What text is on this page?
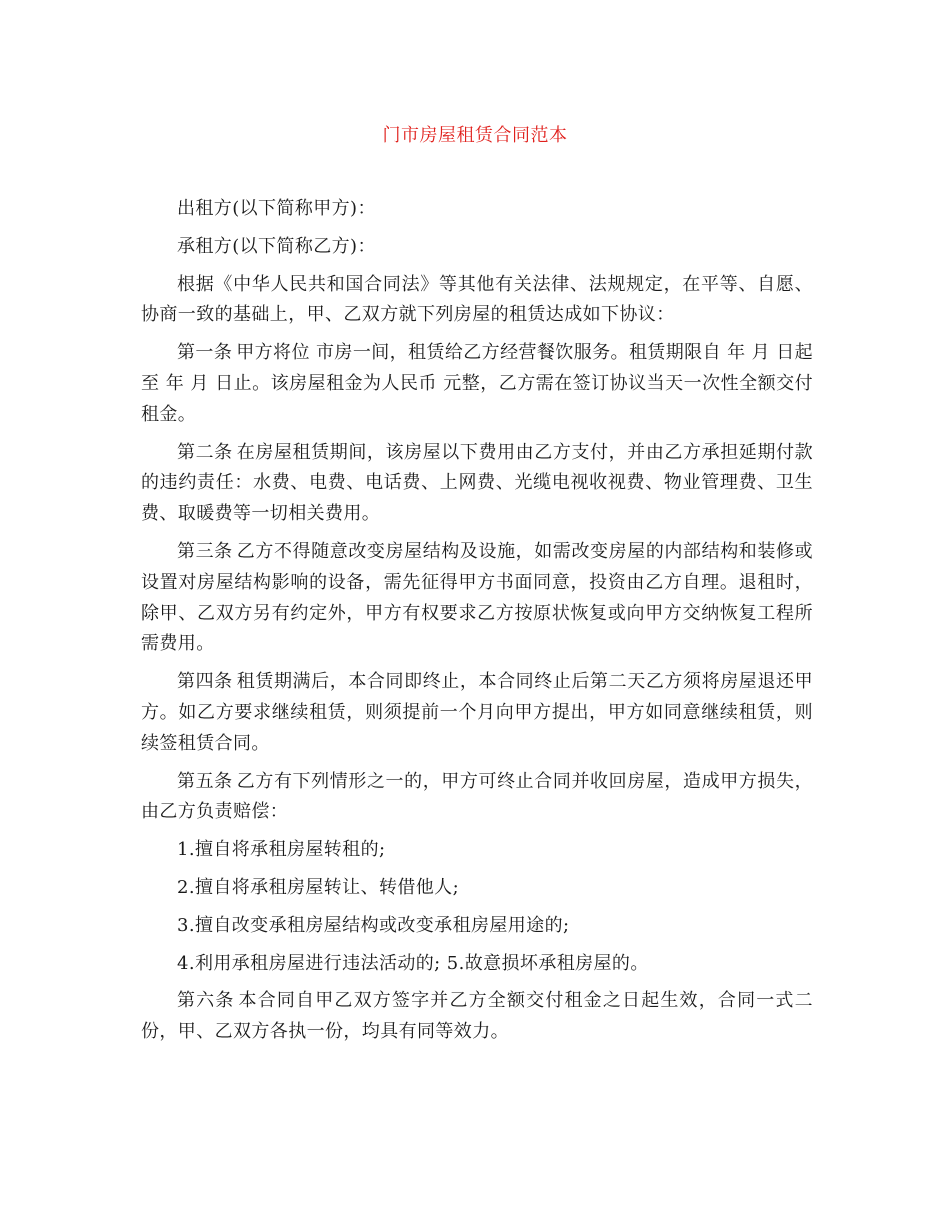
门市房屋租赁合同范本

出租方(以下简称甲方)：

承租方(以下简称乙方)：

根据《中华人民共和国合同法》等其他有关法律、法规规定，在平等、自愿、协商一致的基础上，甲、乙双方就下列房屋的租赁达成如下协议：

第一条 甲方将位 市房一间，租赁给乙方经营餐饮服务。租赁期限自 年 月 日起至 年 月 日止。该房屋租金为人民币 元整，乙方需在签订协议当天一次性全额交付租金。

第二条 在房屋租赁期间，该房屋以下费用由乙方支付，并由乙方承担延期付款的违约责任：水费、电费、电话费、上网费、光缆电视收视费、物业管理费、卫生费、取暖费等一切相关费用。

第三条 乙方不得随意改变房屋结构及设施，如需改变房屋的内部结构和装修或设置对房屋结构影响的设备，需先征得甲方书面同意，投资由乙方自理。退租时，除甲、乙双方另有约定外，甲方有权要求乙方按原状恢复或向甲方交纳恢复工程所需费用。

第四条 租赁期满后，本合同即终止，本合同终止后第二天乙方须将房屋退还甲方。如乙方要求继续租赁，则须提前一个月向甲方提出，甲方如同意继续租赁，则续签租赁合同。

第五条 乙方有下列情形之一的，甲方可终止合同并收回房屋，造成甲方损失，由乙方负责赔偿：

1.擅自将承租房屋转租的;

2.擅自将承租房屋转让、转借他人;

3.擅自改变承租房屋结构或改变承租房屋用途的;

4.利用承租房屋进行违法活动的; 5.故意损坏承租房屋的。

第六条 本合同自甲乙双方签字并乙方全额交付租金之日起生效，合同一式二份，甲、乙双方各执一份，均具有同等效力。
